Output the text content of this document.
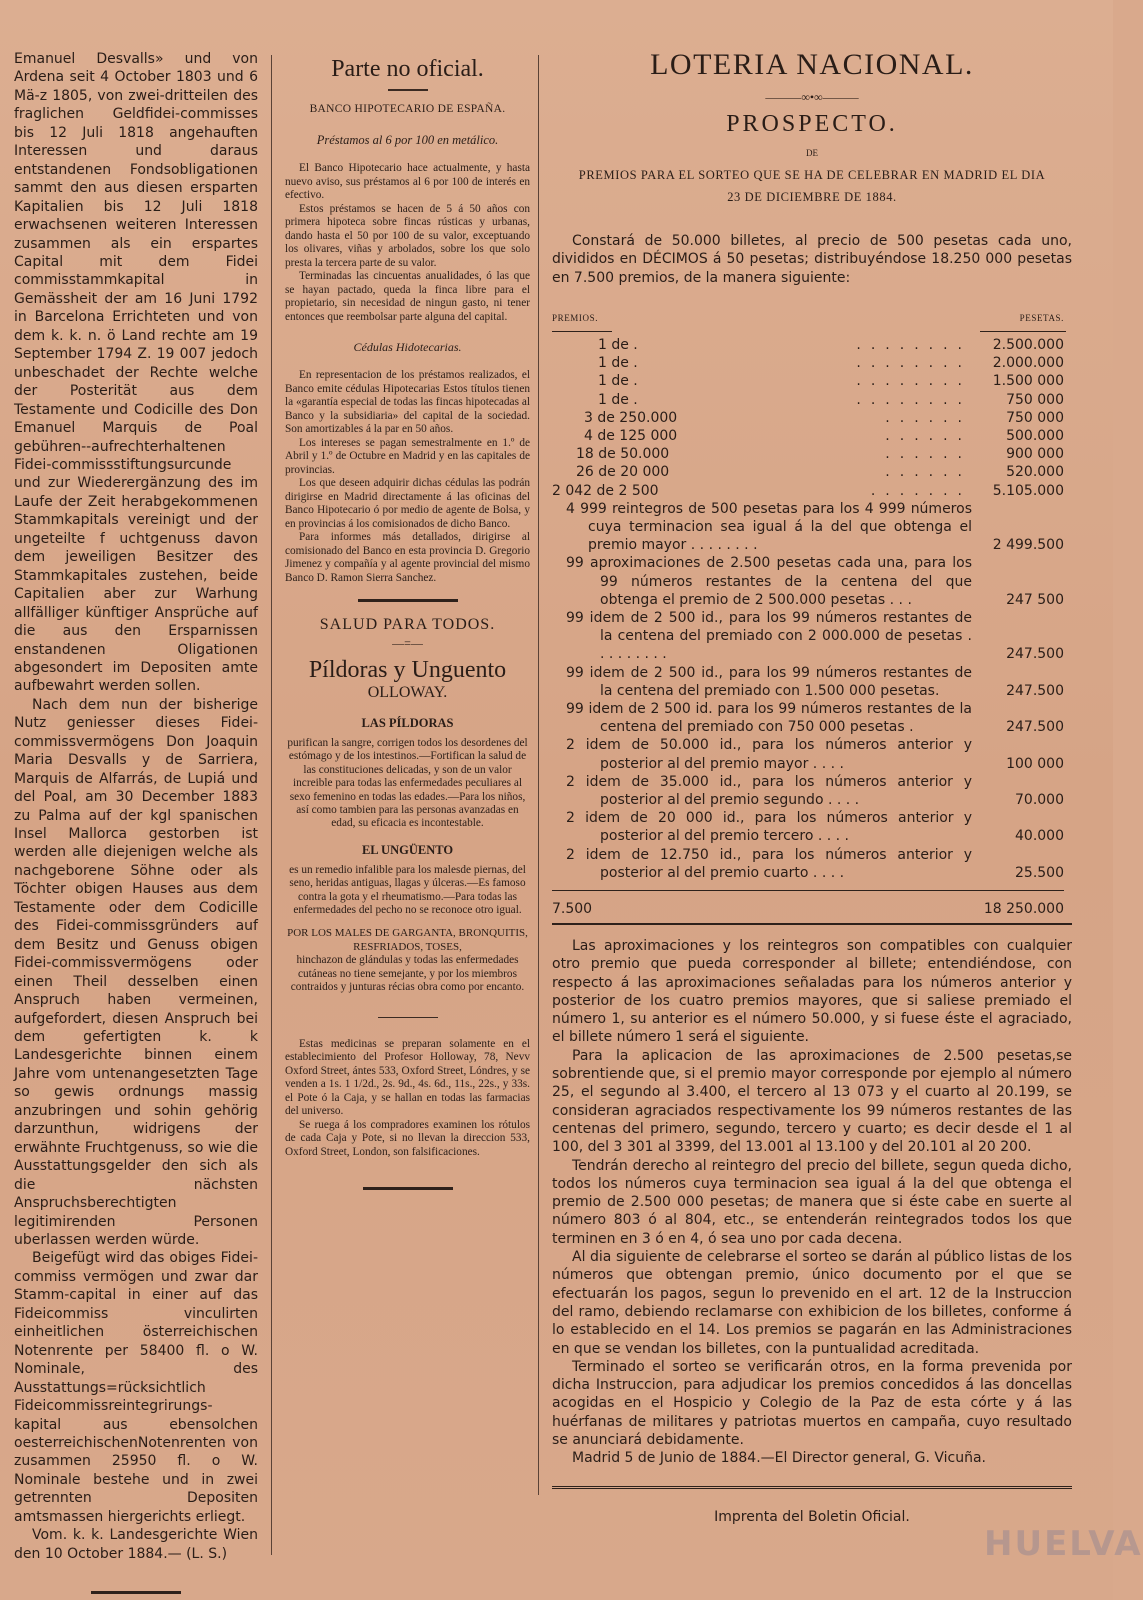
Emanuel Desvalls» und von Ardena seit 4 October 1803 und 6 Mä-z 1805, von zwei-dritteilen des fraglichen Geldfidei-commisses bis 12 Juli 1818 angehauften Interessen und daraus entstandenen Fondsobligationen sammt den aus diesen ersparten Kapitalien bis 12 Juli 1818 erwachsenen weiteren Interessen zusammen als ein erspartes Capital mit dem Fidei commisstammkapital in Gemässheit der am 16 Juni 1792 in Barcelona Errichteten und von dem k. k. n. ö Land rechte am 19 September 1794 Z. 19 007 jedoch unbeschadet der Rechte welche der Posterität aus dem Testamente und Codicille des Don Emanuel Marquis de Poal gebühren--aufrechterhaltenen Fidei-commissstiftungsurcunde und zur Wiederergänzung des im Laufe der Zeit herabgekommenen Stammkapitals vereinigt und der ungeteilte f uchtgenuss davon dem jeweiligen Besitzer des Stammkapitales zustehen, beide Capitalien aber zur Warhung allfälliger künftiger Ansprüche auf die aus den Ersparnissen enstandenen Oligationen abgesondert im Depositen amte aufbewahrt werden sollen.

Nach dem nun der bisherige Nutz geniesser dieses Fidei-commissvermögens Don Joaquin Maria Desvalls y de Sarriera, Marquis de Alfarrás, de Lupiá und del Poal, am 30 December 1883 zu Palma auf der kgl spanischen Insel Mallorca gestorben ist werden alle diejenigen welche als nachgeborene Söhne oder als Töchter obigen Hauses aus dem Testamente oder dem Codicille des Fidei-commissgründers auf dem Besitz und Genuss obigen Fidei-commissvermögens oder einen Theil desselben einen Anspruch haben vermeinen, aufgefordert, diesen Anspruch bei dem gefertigten k. k Landesgerichte binnen einem Jahre vom untenangesetzten Tage so gewis ordnungs massig anzubringen und sohin gehörig darzunthun, widrigens der erwähnte Fruchtgenuss, so wie die Ausstattungsgelder den sich als die nächsten Anspruchsberechtigten legitimirenden Personen uberlassen werden würde.

Beigefügt wird das obiges Fidei-commiss vermögen und zwar dar Stamm-capital in einer auf das Fideicommiss vinculirten einheitlichen österreichischen Notenrente per 58400 fl. o W. Nominale, des Ausstattungs=rücksichtlich Fideicommissreintegrirungs-kapital aus ebensolchen oesterreichischenNotenrenten von zusammen 25950 fl. o W. Nominale bestehe und in zwei getrennten Depositen amtsmassen hiergerichts erliegt.

Vom. k. k. Landesgerichte Wien den 10 October 1884.— (L. S.)

Parte no oficial.
BANCO HIPOTECARIO DE ESPAÑA.
Préstamos al 6 por 100 en metálico.

El Banco Hipotecario hace actualmente, y hasta nuevo aviso, sus préstamos al 6 por 100 de interés en efectivo.

Estos préstamos se hacen de 5 á 50 años con primera hipoteca sobre fincas rústicas y urbanas, dando hasta el 50 por 100 de su valor, exceptuando los olivares, viñas y arbolados, sobre los que solo presta la tercera parte de su valor.

Terminadas las cincuentas anualidades, ó las que se hayan pactado, queda la finca libre para el propietario, sin necesidad de ningun gasto, ni tener entonces que reembolsar parte alguna del capital.

Cédulas Hidotecarias.

En representacion de los préstamos realizados, el Banco emite cédulas Hipotecarias Estos títulos tienen la «garantía especial de todas las fincas hipotecadas al Banco y la subsidiaria» del capital de la sociedad. Son amortizables á la par en 50 años.

Los intereses se pagan semestralmente en 1.º de Abril y 1.º de Octubre en Madrid y en las capitales de provincias.

Los que deseen adquirir dichas cédulas las podrán dirigirse en Madrid directamente á las oficinas del Banco Hipotecario ó por medio de agente de Bolsa, y en provincias á los comisionados de dicho Banco.

Para informes más detallados, dirigirse al comisionado del Banco en esta provincia D. Gregorio Jimenez y compañía y al agente provincial del mismo Banco D. Ramon Sierra Sanchez.

SALUD PARA TODOS.
—=—
Píldoras y Unguento
OLLOWAY.
LAS PÍLDORAS

purifican la sangre, corrigen todos los desordenes del estómago y de los intestinos.—Fortifican la salud de las constituciones delicadas, y son de un valor increible para todas las enfermedades peculiares al sexo femenino en todas las edades.—Para los niños, así como tambien para las personas avanzadas en edad, su eficacia es incontestable.

EL UNGÜENTO

es un remedio infalible para los malesde piernas, del seno, heridas antiguas, llagas y úlceras.—Es famoso contra la gota y el rheumatismo.—Para todas las enfermedades del pecho no se reconoce otro igual.

POR LOS MALES DE GARGANTA, BRONQUITIS, RESFRIADOS, TOSES,

hinchazon de glándulas y todas las enfermedades cutáneas no tiene semejante, y por los miembros contraidos y junturas récias obra como por encanto.

Estas medicinas se preparan solamente en el establecimiento del Profesor Holloway, 78, Nevv Oxford Street, ántes 533, Oxford Street, Lóndres, y se venden a 1s. 1 1/2d., 2s. 9d., 4s. 6d., 11s., 22s., y 33s. el Pote ó la Caja, y se hallan en todas las farmacias del universo.

Se ruega á los compradores examinen los rótulos de cada Caja y Pote, si no llevan la direccion 533, Oxford Street, London, son falsificaciones.

LOTERIA NACIONAL.
———∞•∞———
PROSPECTO.
DE
PREMIOS PARA EL SORTEO QUE SE HA DE CELEBRAR EN MADRID EL DIA
23 DE DICIEMBRE DE 1884.

Constará de 50.000 billetes, al precio de 500 pesetas cada uno, divididos en DÉCIMOS á 50 pesetas; distribuyéndose 18.250 000 pesetas en 7.500 premios, de la manera siguiente:

PREMIOS.	PESETAS.
1 de .	........	2.500.000
1 de .	........	2.000.000
1 de .	........	1.500 000
1 de .	........	750 000
3 de 250.000	......	750 000
4 de 125 000	......	500.000
18 de 50.000	......	900 000
26 de 20 000	......	520.000
2 042 de 2 500	.......	5.105.000
4 999 reintegros de 500 pesetas para los 4 999 números cuya terminacion sea igual á la del que obtenga el premio mayor . . . . . . . .	2 499.500
99 aproximaciones de 2.500 pesetas cada una, para los 99 números restantes de la centena del que obtenga el premio de 2 500.000 pesetas . . .	247 500
99 idem de 2 500 id., para los 99 números restantes de la centena del premiado con 2 000.000 de pesetas . . . . . . . . .	247.500
99 idem de 2 500 id., para los 99 números restantes de la centena del premiado con 1.500 000 pesetas.	247.500
99 idem de 2 500 id. para los 99 números restantes de la centena del premiado con 750 000 pesetas .	247.500
2 idem de 50.000 id., para los números anterior y posterior al del premio mayor . . . .	100 000
2 idem de 35.000 id., para los números anterior y posterior al del premio segundo . . . .	70.000
2 idem de 20 000 id., para los números anterior y posterior al del premio tercero . . . .	40.000
2 idem de 12.750 id., para los números anterior y posterior al del premio cuarto . . . .	25.500
7.500	18 250.000

Las aproximaciones y los reintegros son compatibles con cualquier otro premio que pueda corresponder al billete; entendiéndose, con respecto á las aproximaciones señaladas para los números anterior y posterior de los cuatro premios mayores, que si saliese premiado el número 1, su anterior es el número 50.000, y si fuese éste el agraciado, el billete número 1 será el siguiente.

Para la aplicacion de las aproximaciones de 2.500 pesetas,se sobrentiende que, si el premio mayor corresponde por ejemplo al número 25, el segundo al 3.400, el tercero al 13 073 y el cuarto al 20.199, se consideran agraciados respectivamente los 99 números restantes de las centenas del primero, segundo, tercero y cuarto; es decir desde el 1 al 100, del 3 301 al 3399, del 13.001 al 13.100 y del 20.101 al 20 200.

Tendrán derecho al reintegro del precio del billete, segun queda dicho, todos los números cuya terminacion sea igual á la del que obtenga el premio de 2.500 000 pesetas; de manera que si éste cabe en suerte al número 803 ó al 804, etc., se entenderán reintegrados todos los que terminen en 3 ó en 4, ó sea uno por cada decena.

Al dia siguiente de celebrarse el sorteo se darán al público listas de los números que obtengan premio, único documento por el que se efectuarán los pagos, segun lo prevenido en el art. 12 de la Instruccion del ramo, debiendo reclamarse con exhibicion de los billetes, conforme á lo establecido en el 14. Los premios se pagarán en las Administraciones en que se vendan los billetes, con la puntualidad acreditada.

Terminado el sorteo se verificarán otros, en la forma prevenida por dicha Instruccion, para adjudicar los premios concedidos á las doncellas acogidas en el Hospicio y Colegio de la Paz de esta córte y á las huérfanas de militares y patriotas muertos en campaña, cuyo resultado se anunciará debidamente.

Madrid 5 de Junio de 1884.—El Director general, G. Vicuña.

Imprenta del Boletin Oficial.

HUELVA
